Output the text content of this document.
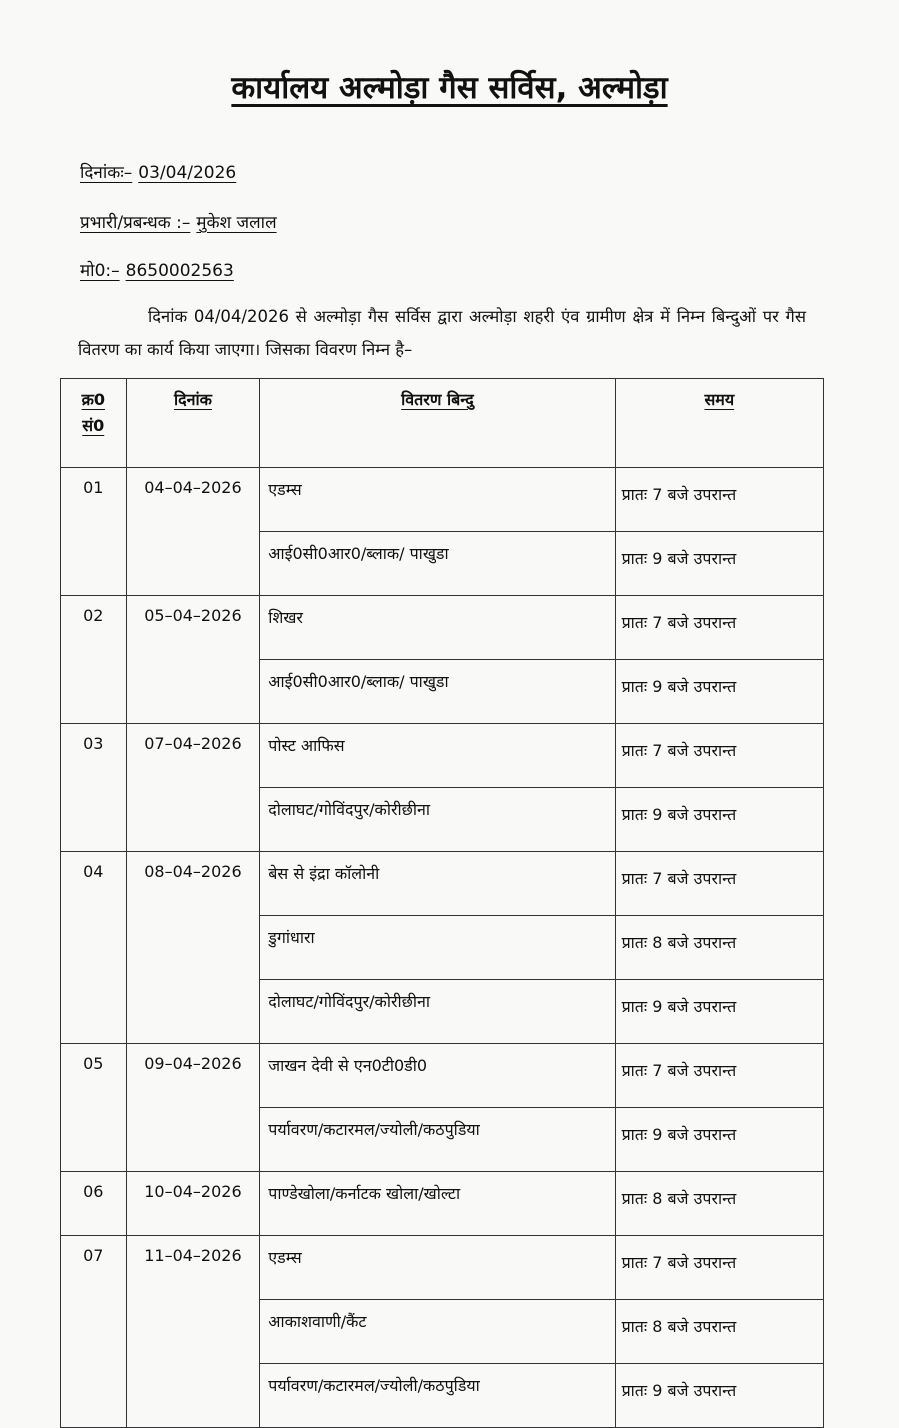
कार्यालय अल्मोड़ा गैस सर्विस, अल्मोड़ा
दिनांकः– 03/04/2026
प्रभारी/प्रबन्धक :– मुकेश जलाल
मो0:– 8650002563
दिनांक 04/04/2026 से अल्मोड़ा गैस सर्विस द्वारा अल्मोड़ा शहरी एंव ग्रामीण क्षेत्र में निम्न बिन्दुओं पर गैस वितरण का कार्य किया जाएगा। जिसका विवरण निम्न है–
क्र0
सं0	दिनांक	वितरण बिन्दु	समय
01	04–04–2026	एडम्स	प्रातः 7 बजे उपरान्त
		आई0सी0आर0/ब्लाक/ पाखुडा	प्रातः 9 बजे उपरान्त
02	05–04–2026	शिखर	प्रातः 7 बजे उपरान्त
		आई0सी0आर0/ब्लाक/ पाखुडा	प्रातः 9 बजे उपरान्त
03	07–04–2026	पोस्ट आफिस	प्रातः 7 बजे उपरान्त
		दोलाघट/गोविंदपुर/कोरीछीना	प्रातः 9 बजे उपरान्त
04	08–04–2026	बेस से इंद्रा कॉलोनी	प्रातः 7 बजे उपरान्त
		डुगांधारा	प्रातः 8 बजे उपरान्त
		दोलाघट/गोविंदपुर/कोरीछीना	प्रातः 9 बजे उपरान्त
05	09–04–2026	जाखन देवी से एन0टी0डी0	प्रातः 7 बजे उपरान्त
		पर्यावरण/कटारमल/ज्योली/कठपुडिया	प्रातः 9 बजे उपरान्त
06	10–04–2026	पाण्डेखोला/कर्नाटक खोला/खोल्टा	प्रातः 8 बजे उपरान्त
07	11–04–2026	एडम्स	प्रातः 7 बजे उपरान्त
		आकाशवाणी/कैंट	प्रातः 8 बजे उपरान्त
		पर्यावरण/कटारमल/ज्योली/कठपुडिया	प्रातः 9 बजे उपरान्त
